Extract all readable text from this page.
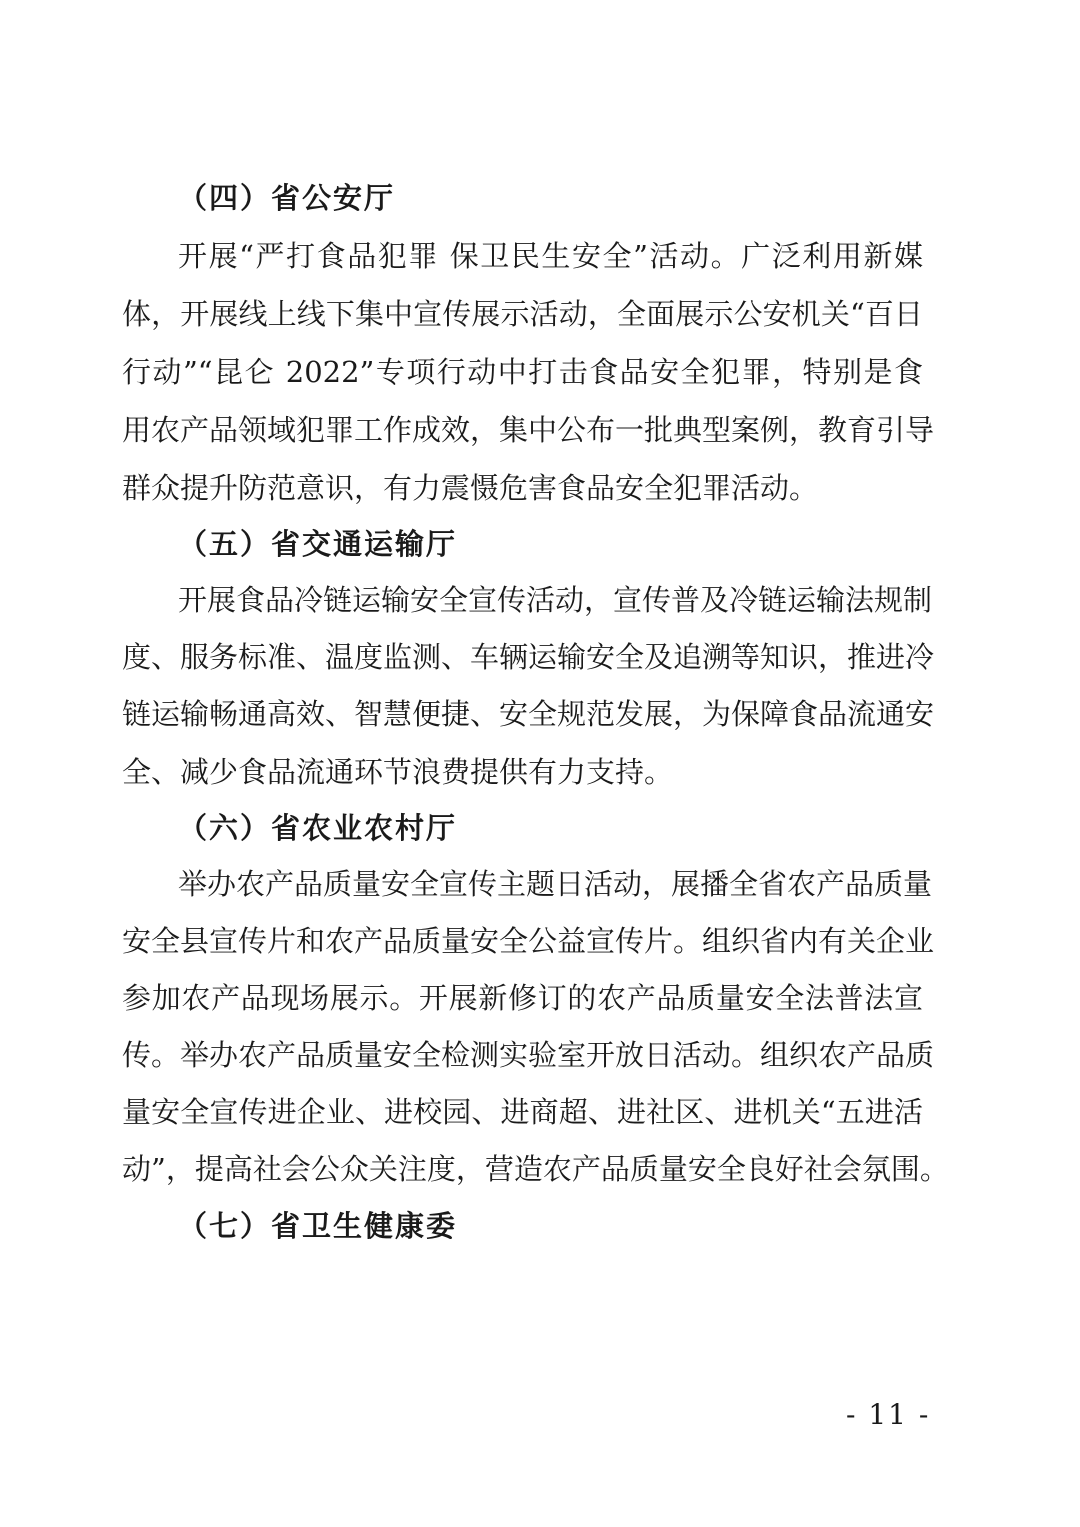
（四）省公安厅
开展“严打食品犯罪 保卫民生安全”活动。广泛利用新媒
体，开展线上线下集中宣传展示活动，全面展示公安机关“百日
行动”“昆仑 2022”专项行动中打击食品安全犯罪，特别是食
用农产品领域犯罪工作成效，集中公布一批典型案例，教育引导
群众提升防范意识，有力震慑危害食品安全犯罪活动。
（五）省交通运输厅
开展食品冷链运输安全宣传活动，宣传普及冷链运输法规制
度、服务标准、温度监测、车辆运输安全及追溯等知识，推进冷
链运输畅通高效、智慧便捷、安全规范发展，为保障食品流通安
全、减少食品流通环节浪费提供有力支持。
（六）省农业农村厅
举办农产品质量安全宣传主题日活动，展播全省农产品质量
安全县宣传片和农产品质量安全公益宣传片。组织省内有关企业
参加农产品现场展示。开展新修订的农产品质量安全法普法宣
传。举办农产品质量安全检测实验室开放日活动。组织农产品质
量安全宣传进企业、进校园、进商超、进社区、进机关“五进活
动”，提高社会公众关注度，营造农产品质量安全良好社会氛围。
（七）省卫生健康委
- 11 -
